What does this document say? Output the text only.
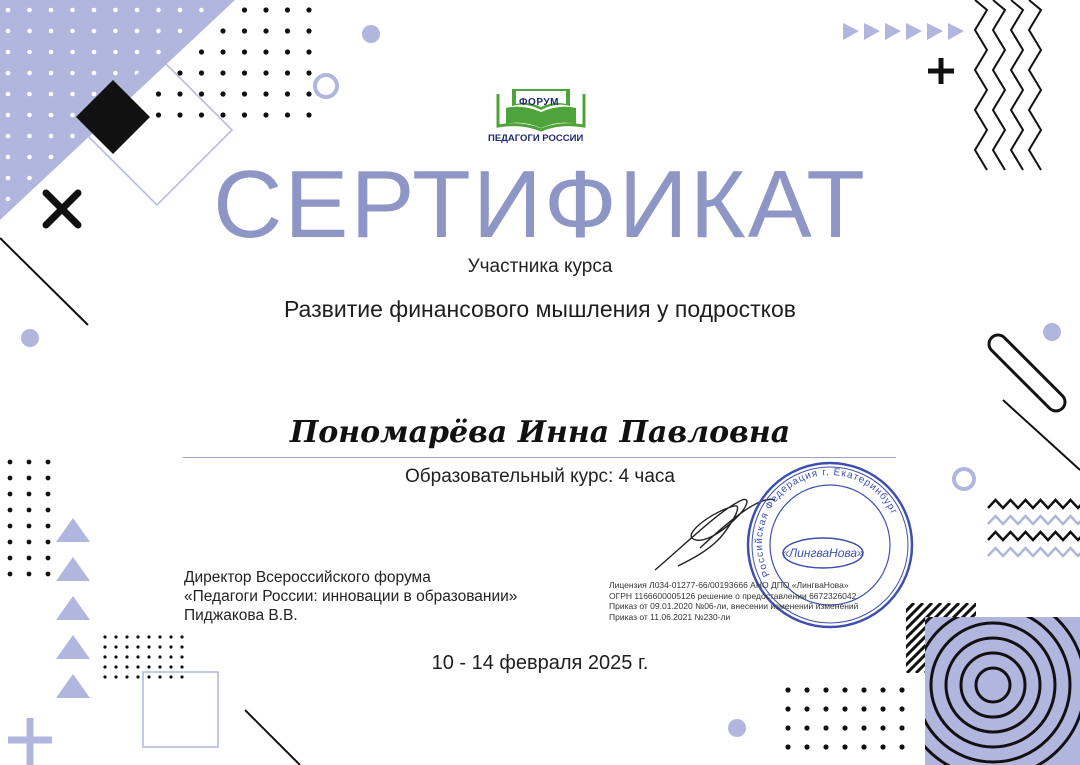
Российская Федерация г. Екатеринбург
«ЛингваНова»
ФОРУМ
ПЕДАГОГИ РОССИИ
СЕРТИФИКАТ
Участника курса
Развитие финансового мышления у подростков
Пономарёва Инна Павловна
Образовательный курс: 4 часа
Директор Всероссийского форума
«Педагоги России: инновации в образовании»
Пиджакова В.В.
Лицензия Л034-01277-66/00193666 АНО ДПО «ЛингваНова»
ОГРН 1166600005126 решение о предоставлении 6672326042
Приказ от 09.01.2020 №06-ли, внесении изменений изменений
Приказ от 11.06.2021 №230-ли
10 - 14 февраля 2025 г.
